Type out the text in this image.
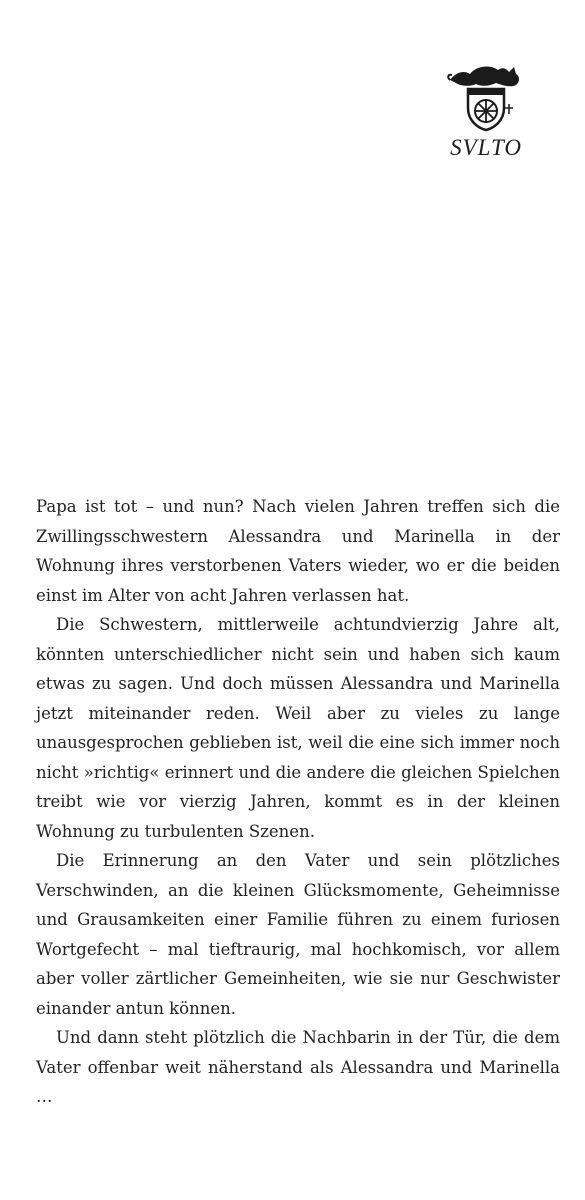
SVLTO

Papa ist tot – und nun? Nach vielen Jahren treffen sich die Zwillingsschwestern Alessandra und Marinella in der Wohnung ihres verstorbenen Vaters wieder, wo er die beiden einst im Alter von acht Jahren verlassen hat.

Die Schwestern, mittlerweile achtundvierzig Jahre alt, könnten unterschiedlicher nicht sein und haben sich kaum etwas zu sagen. Und doch müssen Alessandra und Marinella jetzt miteinander reden. Weil aber zu vieles zu lange unausgesprochen geblieben ist, weil die eine sich immer noch nicht »richtig« erinnert und die andere die gleichen Spielchen treibt wie vor vierzig Jahren, kommt es in der kleinen Wohnung zu turbulenten Szenen.

Die Erinnerung an den Vater und sein plötzliches Verschwinden, an die kleinen Glücksmomente, Geheimnisse und Grausamkeiten einer Familie führen zu einem furiosen Wortgefecht – mal tieftraurig, mal hochkomisch, vor allem aber voller zärtlicher Gemeinheiten, wie sie nur Geschwister einander antun können.

Und dann steht plötzlich die Nachbarin in der Tür, die dem Vater offenbar weit näherstand als Alessandra und Marinella …
